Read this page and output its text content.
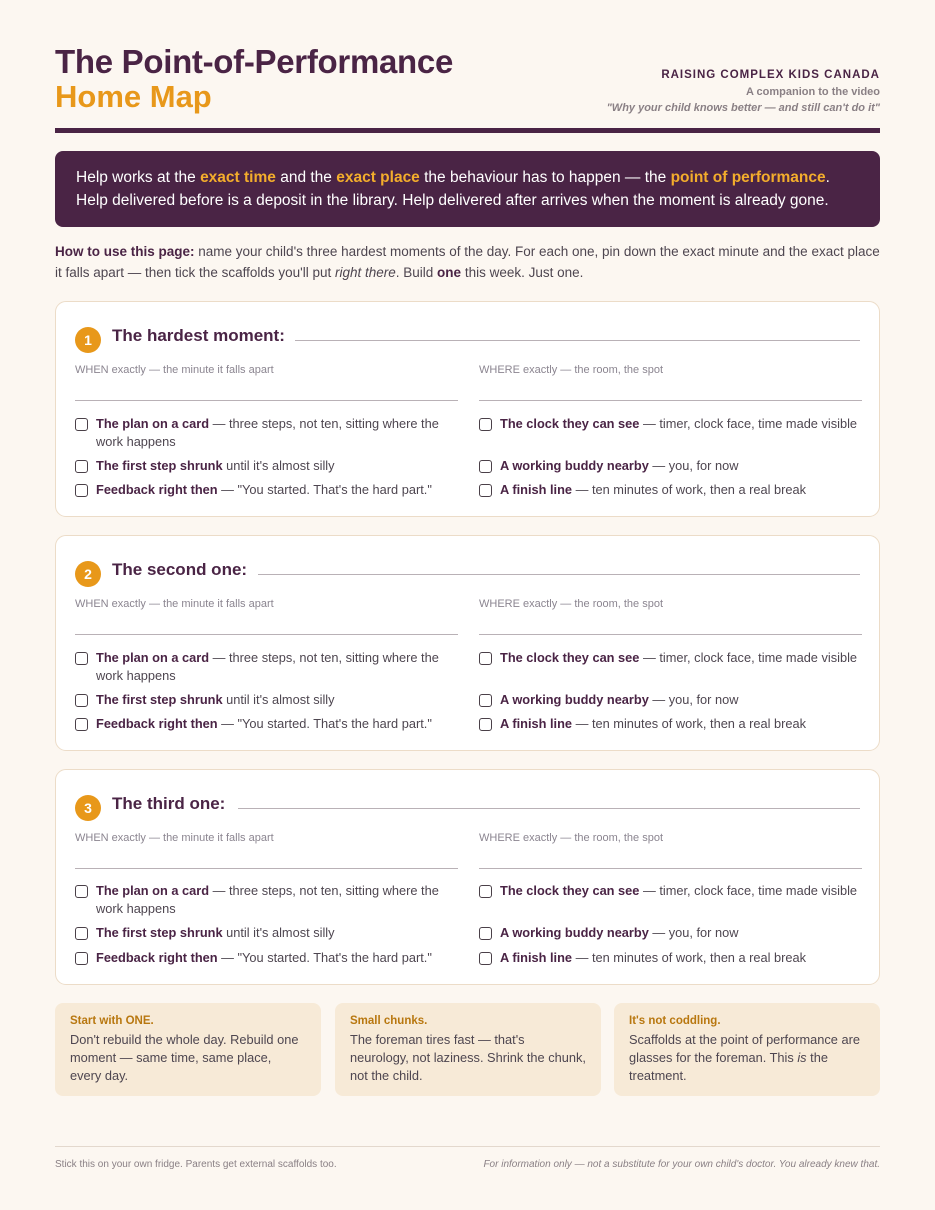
The Point-of-Performance
Home Map
RAISING COMPLEX KIDS CANADA
A companion to the video
"Why your child knows better — and still can't do it"
Help works at the exact time and the exact place the behaviour has to happen — the point of performance.
Help delivered before is a deposit in the library. Help delivered after arrives when the moment is already gone.
How to use this page: name your child's three hardest moments of the day. For each one, pin down the exact minute and the exact place it falls apart — then tick the scaffolds you'll put right there. Build one this week. Just one.
1	The hardest moment:
WHEN exactly — the minute it falls apart	WHERE exactly — the room, the spot
The plan on a card — three steps, not ten, sitting where the work happens
The first step shrunk until it's almost silly
Feedback right then — "You started. That's the hard part."
The clock they can see — timer, clock face, time made visible
A working buddy nearby — you, for now
A finish line — ten minutes of work, then a real break
2	The second one:
WHEN exactly — the minute it falls apart	WHERE exactly — the room, the spot
The plan on a card — three steps, not ten, sitting where the work happens
The first step shrunk until it's almost silly
Feedback right then — "You started. That's the hard part."
The clock they can see — timer, clock face, time made visible
A working buddy nearby — you, for now
A finish line — ten minutes of work, then a real break
3	The third one:
WHEN exactly — the minute it falls apart	WHERE exactly — the room, the spot
The plan on a card — three steps, not ten, sitting where the work happens
The first step shrunk until it's almost silly
Feedback right then — "You started. That's the hard part."
The clock they can see — timer, clock face, time made visible
A working buddy nearby — you, for now
A finish line — ten minutes of work, then a real break
Start with ONE.
Don't rebuild the whole day. Rebuild one moment — same time, same place, every day.
Small chunks.
The foreman tires fast — that's neurology, not laziness. Shrink the chunk, not the child.
It's not coddling.
Scaffolds at the point of performance are glasses for the foreman. This is the treatment.
Stick this on your own fridge. Parents get external scaffolds too.	For information only — not a substitute for your own child's doctor. You already knew that.
